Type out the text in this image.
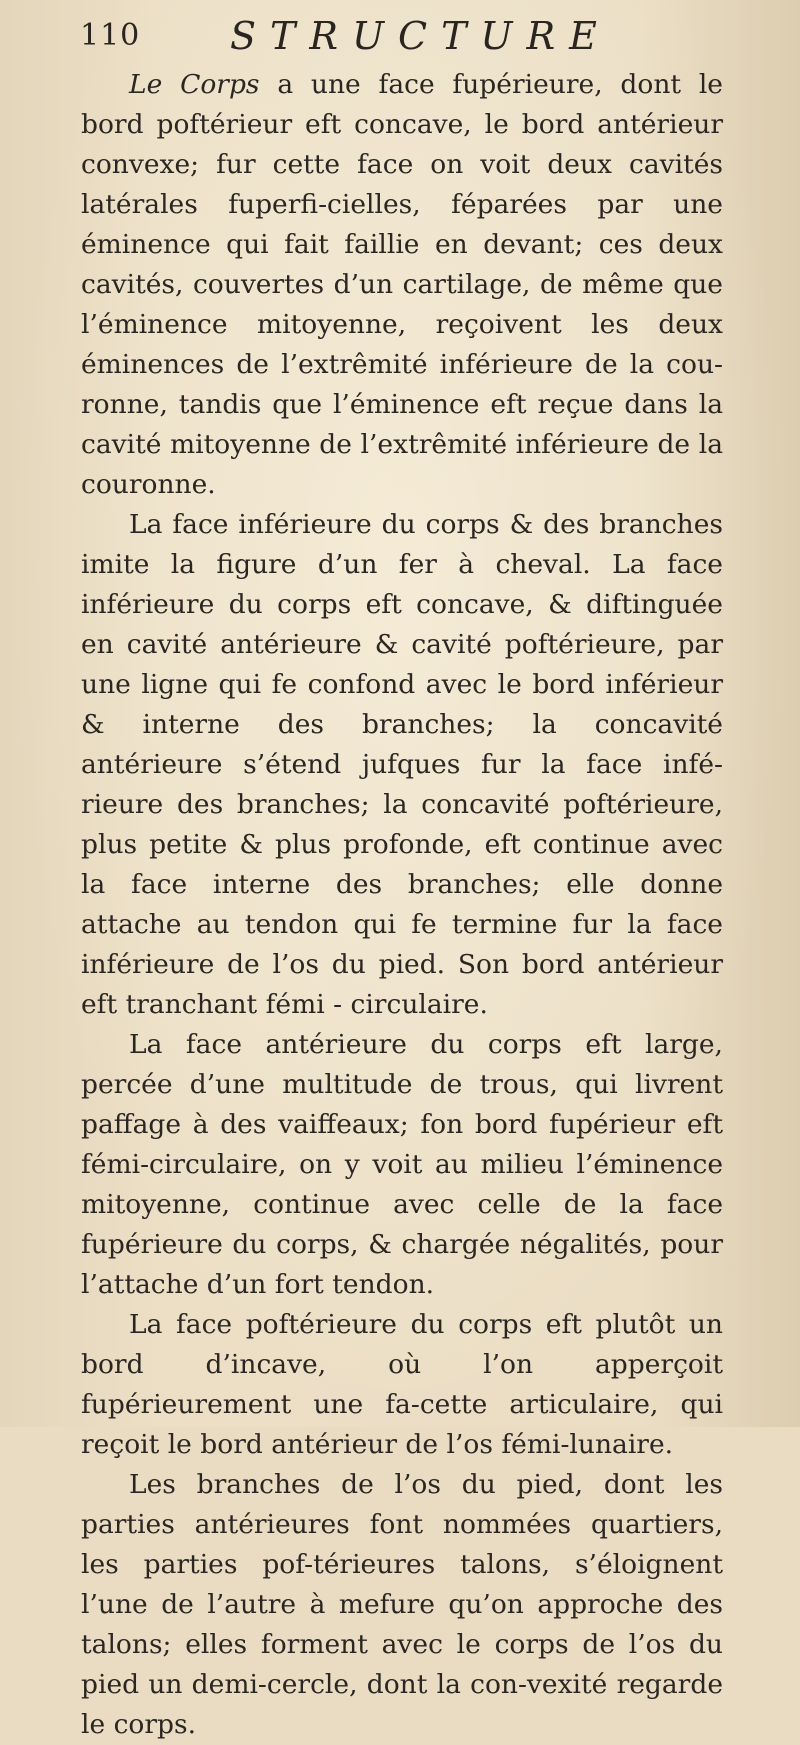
110 STRUCTURE

Le Corps a une face fupérieure, dont le bord poftérieur eft concave, le bord antérieur convexe; fur cette face on voit deux cavités latérales fuperfi-cielles, féparées par une éminence qui fait faillie en devant; ces deux cavités, couvertes d’un cartilage, de même que l’éminence mitoyenne, reçoivent les deux éminences de l’extrêmité inférieure de la cou-ronne, tandis que l’éminence eft reçue dans la cavité mitoyenne de l’extrêmité inférieure de la couronne.

La face inférieure du corps & des branches imite la figure d’un fer à cheval. La face inférieure du corps eft concave, & diftinguée en cavité antérieure & cavité poftérieure, par une ligne qui fe confond avec le bord inférieur & interne des branches; la concavité antérieure s’étend jufques fur la face infé-rieure des branches; la concavité poftérieure, plus petite & plus profonde, eft continue avec la face interne des branches; elle donne attache au tendon qui fe termine fur la face inférieure de l’os du pied. Son bord antérieur eft tranchant fémi - circulaire.

La face antérieure du corps eft large, percée d’une multitude de trous, qui livrent paffage à des vaiffeaux; fon bord fupérieur eft fémi-circulaire, on y voit au milieu l’éminence mitoyenne, continue avec celle de la face fupérieure du corps, & chargée négalités, pour l’attache d’un fort tendon.

La face poftérieure du corps eft plutôt un bord d’incave, où l’on apperçoit fupérieurement une fa-cette articulaire, qui reçoit le bord antérieur de l’os fémi-lunaire.

Les branches de l’os du pied, dont les parties antérieures font nommées quartiers, les parties pof-térieures talons, s’éloignent l’une de l’autre à mefure qu’on approche des talons; elles forment avec le corps de l’os du pied un demi-cercle, dont la con-vexité regarde le corps.
